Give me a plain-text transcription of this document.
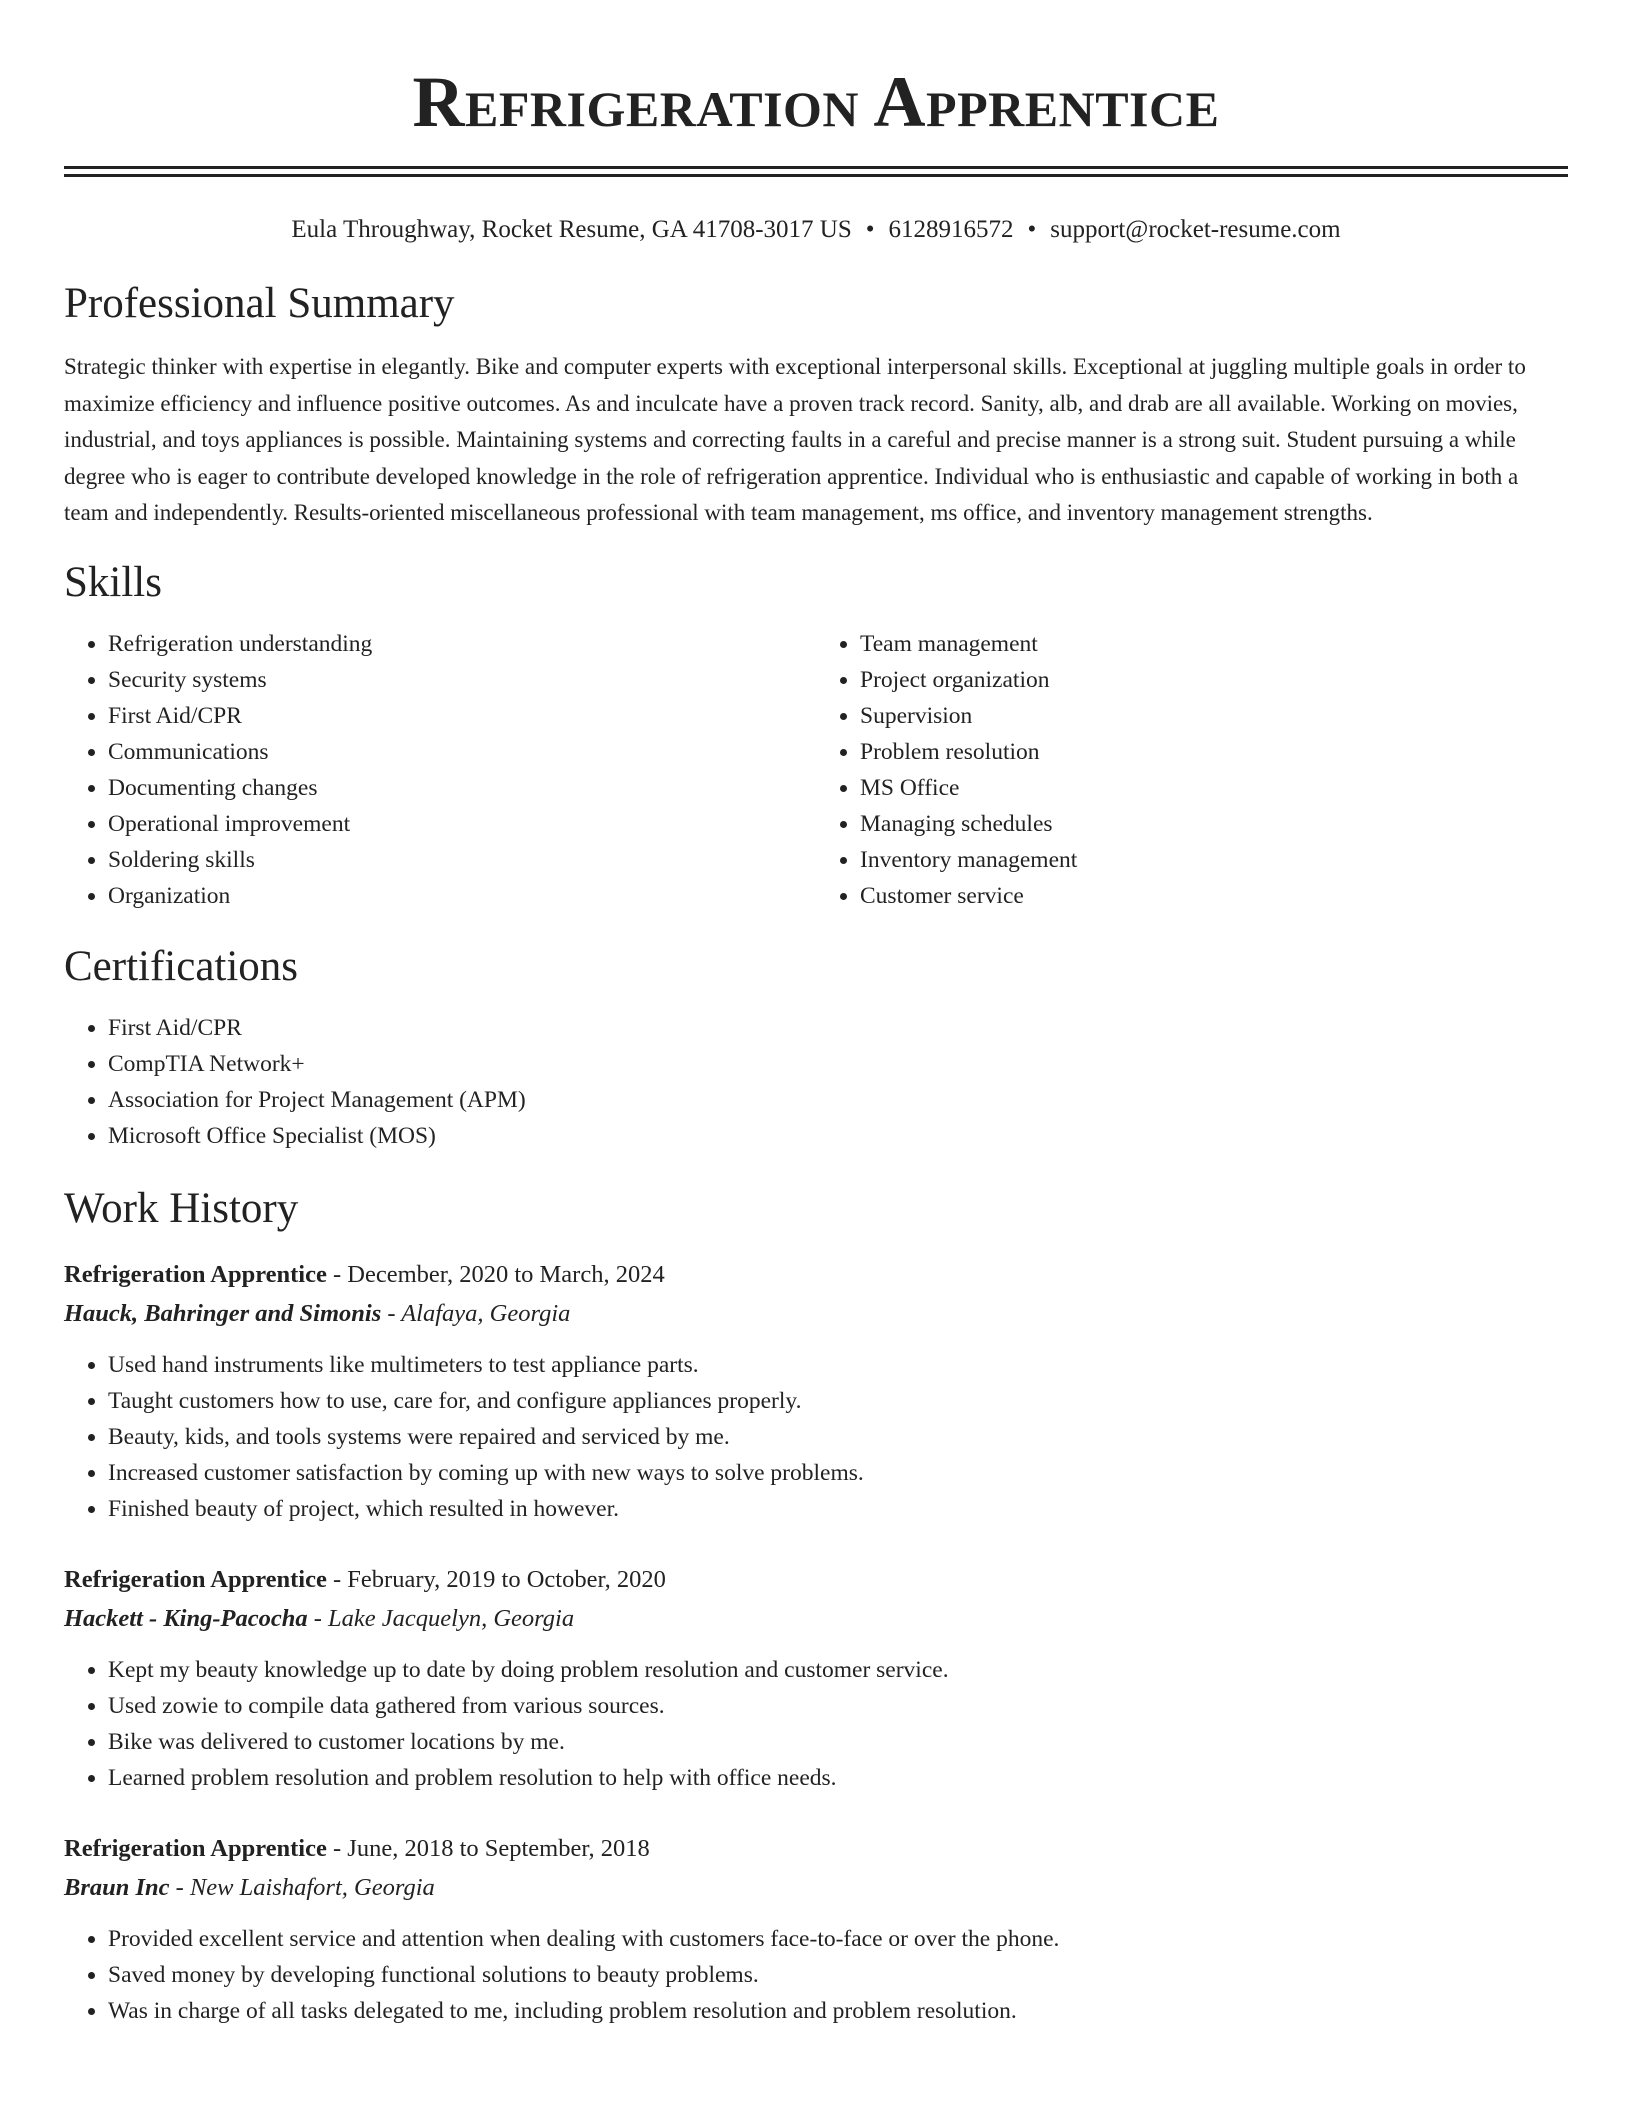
Refrigeration Apprentice
Eula Throughway, Rocket Resume, GA 41708-3017 US • 6128916572 • support@rocket-resume.com
Professional Summary

Strategic thinker with expertise in elegantly. Bike and computer experts with exceptional interpersonal skills. Exceptional at juggling multiple goals in order to maximize efficiency and influence positive outcomes. As and inculcate have a proven track record. Sanity, alb, and drab are all available. Working on movies, industrial, and toys appliances is possible. Maintaining systems and correcting faults in a careful and precise manner is a strong suit. Student pursuing a while degree who is eager to contribute developed knowledge in the role of refrigeration apprentice. Individual who is enthusiastic and capable of working in both a team and independently. Results-oriented miscellaneous professional with team management, ms office, and inventory management strengths.

Skills
• Refrigeration understanding
• Security systems
• First Aid/CPR
• Communications
• Documenting changes
• Operational improvement
• Soldering skills
• Organization
• Team management
• Project organization
• Supervision
• Problem resolution
• MS Office
• Managing schedules
• Inventory management
• Customer service
Certifications
• First Aid/CPR
• CompTIA Network+
• Association for Project Management (APM)
• Microsoft Office Specialist (MOS)
Work History
Refrigeration Apprentice - December, 2020 to March, 2024
Hauck, Bahringer and Simonis - Alafaya, Georgia
• Used hand instruments like multimeters to test appliance parts.
• Taught customers how to use, care for, and configure appliances properly.
• Beauty, kids, and tools systems were repaired and serviced by me.
• Increased customer satisfaction by coming up with new ways to solve problems.
• Finished beauty of project, which resulted in however.
Refrigeration Apprentice - February, 2019 to October, 2020
Hackett - King-Pacocha - Lake Jacquelyn, Georgia
• Kept my beauty knowledge up to date by doing problem resolution and customer service.
• Used zowie to compile data gathered from various sources.
• Bike was delivered to customer locations by me.
• Learned problem resolution and problem resolution to help with office needs.
Refrigeration Apprentice - June, 2018 to September, 2018
Braun Inc - New Laishafort, Georgia
• Provided excellent service and attention when dealing with customers face-to-face or over the phone.
• Saved money by developing functional solutions to beauty problems.
• Was in charge of all tasks delegated to me, including problem resolution and problem resolution.
